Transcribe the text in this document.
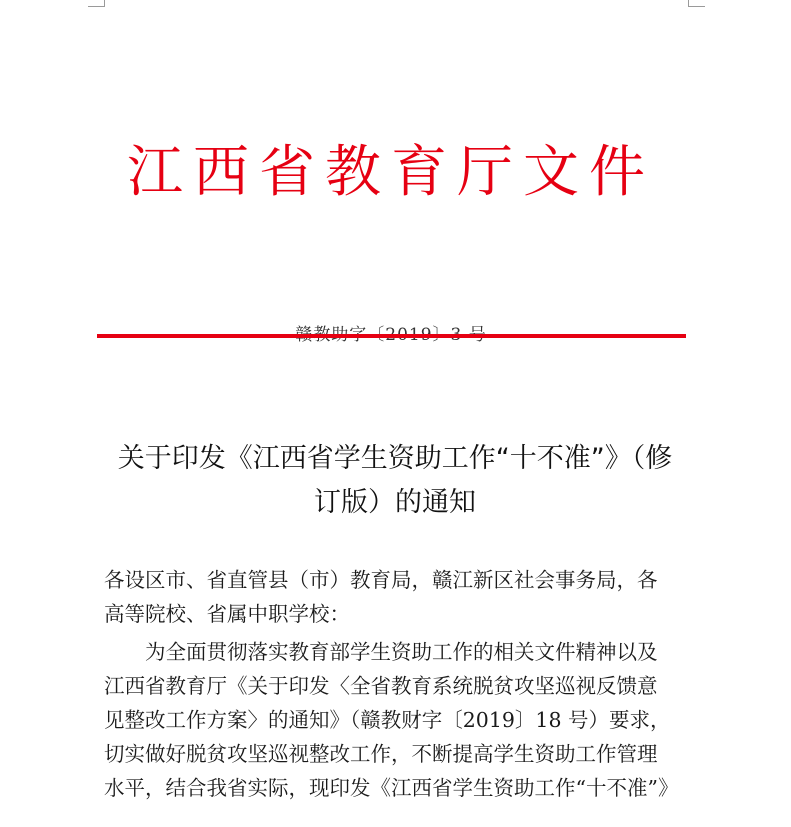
江西省教育厅文件
关于印发《江西省学生资助工作“十不准”》（修
订版）的通知

各设区市、省直管县（市）教育局，赣江新区社会事务局，各

高等院校、省属中职学校：

为全面贯彻落实教育部学生资助工作的相关文件精神以及

江西省教育厅《关于印发〈全省教育系统脱贫攻坚巡视反馈意

见整改工作方案〉的通知》（赣教财字〔2019〕18 号）要求，

切实做好脱贫攻坚巡视整改工作，不断提高学生资助工作管理

水平，结合我省实际，现印发《江西省学生资助工作“十不准”》
